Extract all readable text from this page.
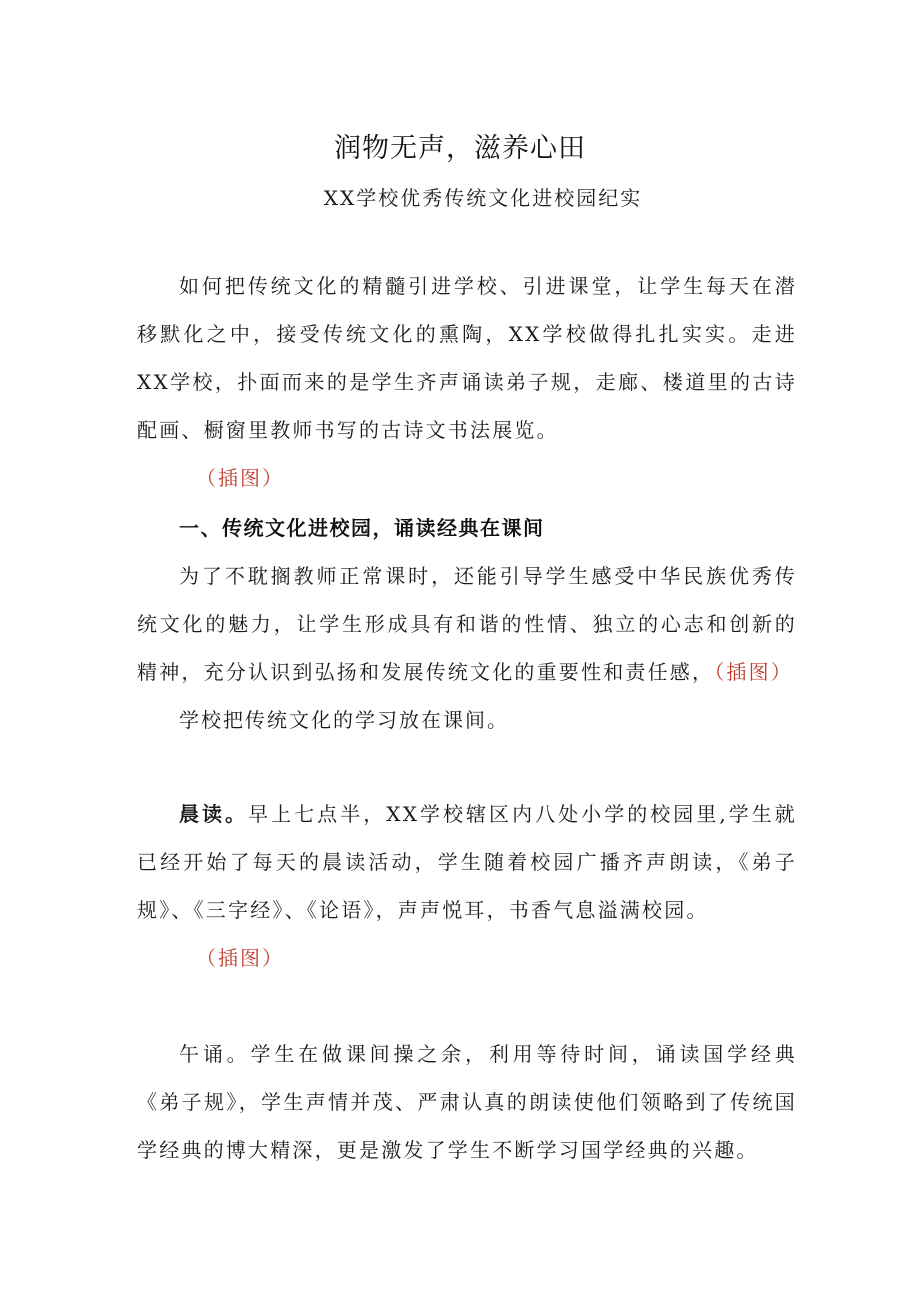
润物无声，滋养心田
XX学校优秀传统文化进校园纪实
如何把传统文化的精髓引进学校、引进课堂，让学生每天在潜移默化之中，接受传统文化的熏陶，XX学校做得扎扎实实。走进XX学校，扑面而来的是学生齐声诵读弟子规，走廊、楼道里的古诗配画、橱窗里教师书写的古诗文书法展览。
（插图）
一、传统文化进校园，诵读经典在课间
为了不耽搁教师正常课时，还能引导学生感受中华民族优秀传统文化的魅力，让学生形成具有和谐的性情、独立的心志和创新的精神，充分认识到弘扬和发展传统文化的重要性和责任感，（插图）
学校把传统文化的学习放在课间。
晨读。早上七点半，XX学校辖区内八处小学的校园里,学生就已经开始了每天的晨读活动，学生随着校园广播齐声朗读，《弟子规》、《三字经》、《论语》，声声悦耳，书香气息溢满校园。
（插图）
午诵。学生在做课间操之余，利用等待时间，诵读国学经典《弟子规》，学生声情并茂、严肃认真的朗读使他们领略到了传统国学经典的博大精深，更是激发了学生不断学习国学经典的兴趣。
